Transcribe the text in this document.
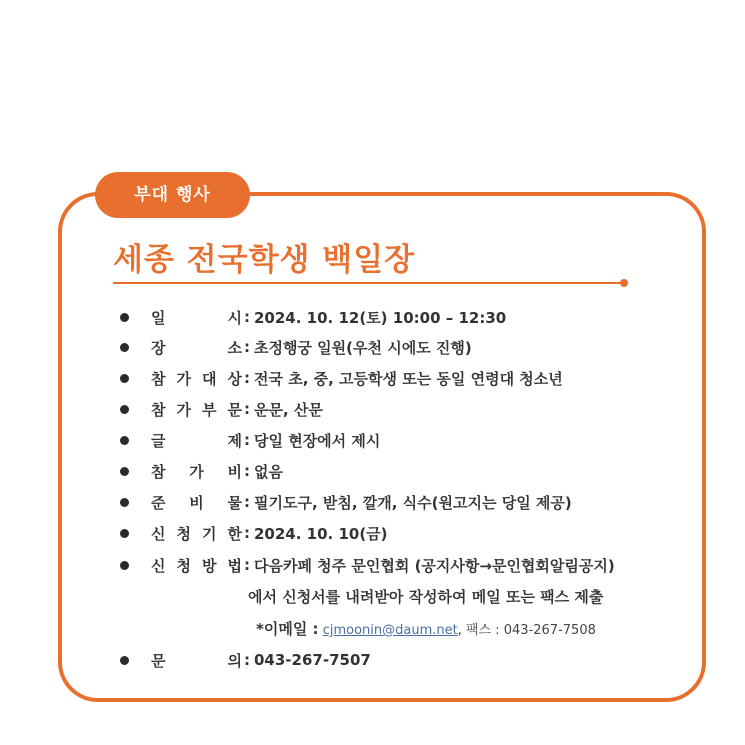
부대 행사
세종 전국학생 백일장
일	시 : 2024. 10. 12(토) 10:00 – 12:30
장	소 : 초정행궁 일원(우천 시에도 진행)
참 가 대 상 : 전국 초, 중, 고등학생 또는 동일 연령대 청소년
참 가 부 문 : 운문, 산문
글	제 : 당일 현장에서 제시
참 가 비 : 없음
준 비 물 : 필기도구, 받침, 깔개, 식수(원고지는 당일 제공)
신 청 기 한 : 2024. 10. 10(금)
신 청 방 법 : 다음카페 청주 문인협회 (공지사항→문인협회알림공지)
에서 신청서를 내려받아 작성하여 메일 또는 팩스 제출
*이메일 : cjmoonin@daum.net, 팩스 : 043-267-7508
문	의 : 043-267-7507
